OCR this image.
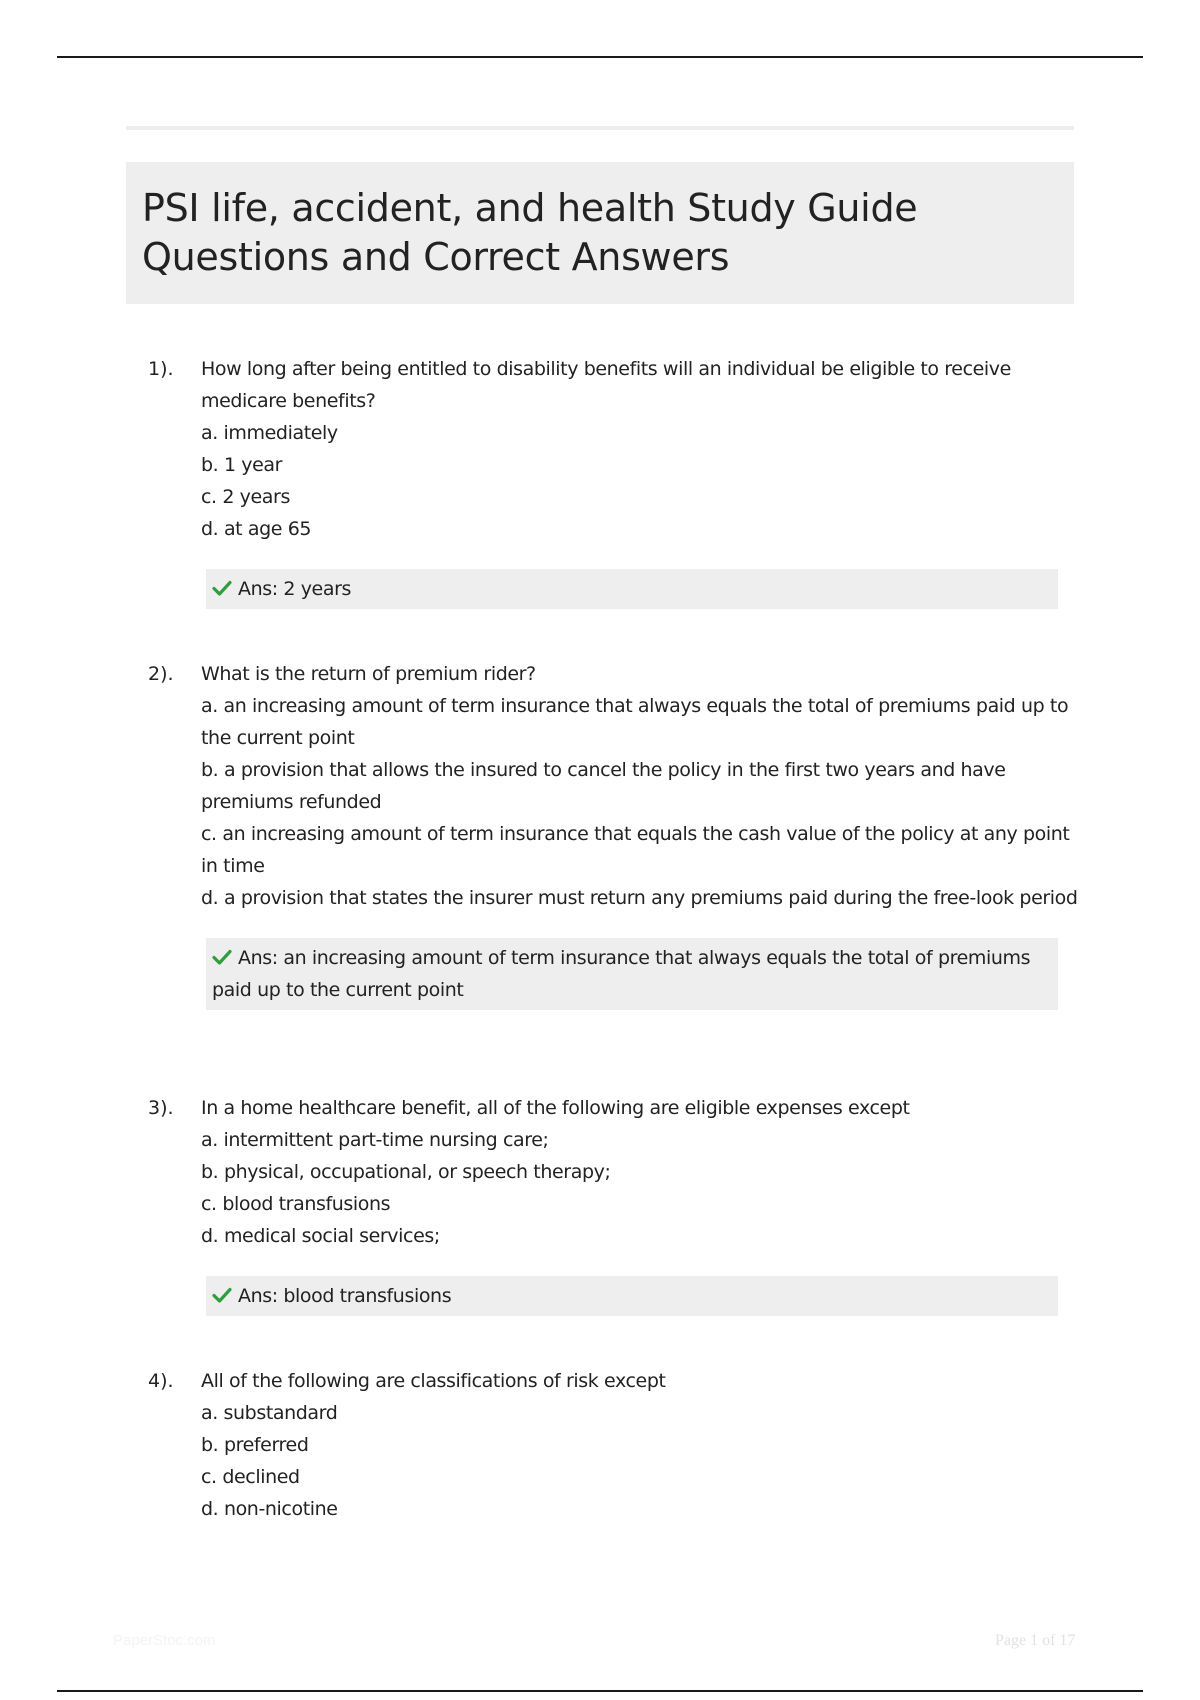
PSI life, accident, and health Study Guide
Questions and Correct Answers
1). How long after being entitled to disability benefits will an individual be eligible to receive medicare benefits?
a. immediately
b. 1 year
c. 2 years
d. at age 65
Ans: 2 years
2). What is the return of premium rider?
a. an increasing amount of term insurance that always equals the total of premiums paid up to the current point
b. a provision that allows the insured to cancel the policy in the first two years and have premiums refunded
c. an increasing amount of term insurance that equals the cash value of the policy at any point in time
d. a provision that states the insurer must return any premiums paid during the free-look period
Ans: an increasing amount of term insurance that always equals the total of premiums paid up to the current point
3). In a home healthcare benefit, all of the following are eligible expenses except
a. intermittent part-time nursing care;
b. physical, occupational, or speech therapy;
c. blood transfusions
d. medical social services;
Ans: blood transfusions
4). All of the following are classifications of risk except
a. substandard
b. preferred
c. declined
d. non-nicotine
PaperStoc.com	Page 1 of 17
